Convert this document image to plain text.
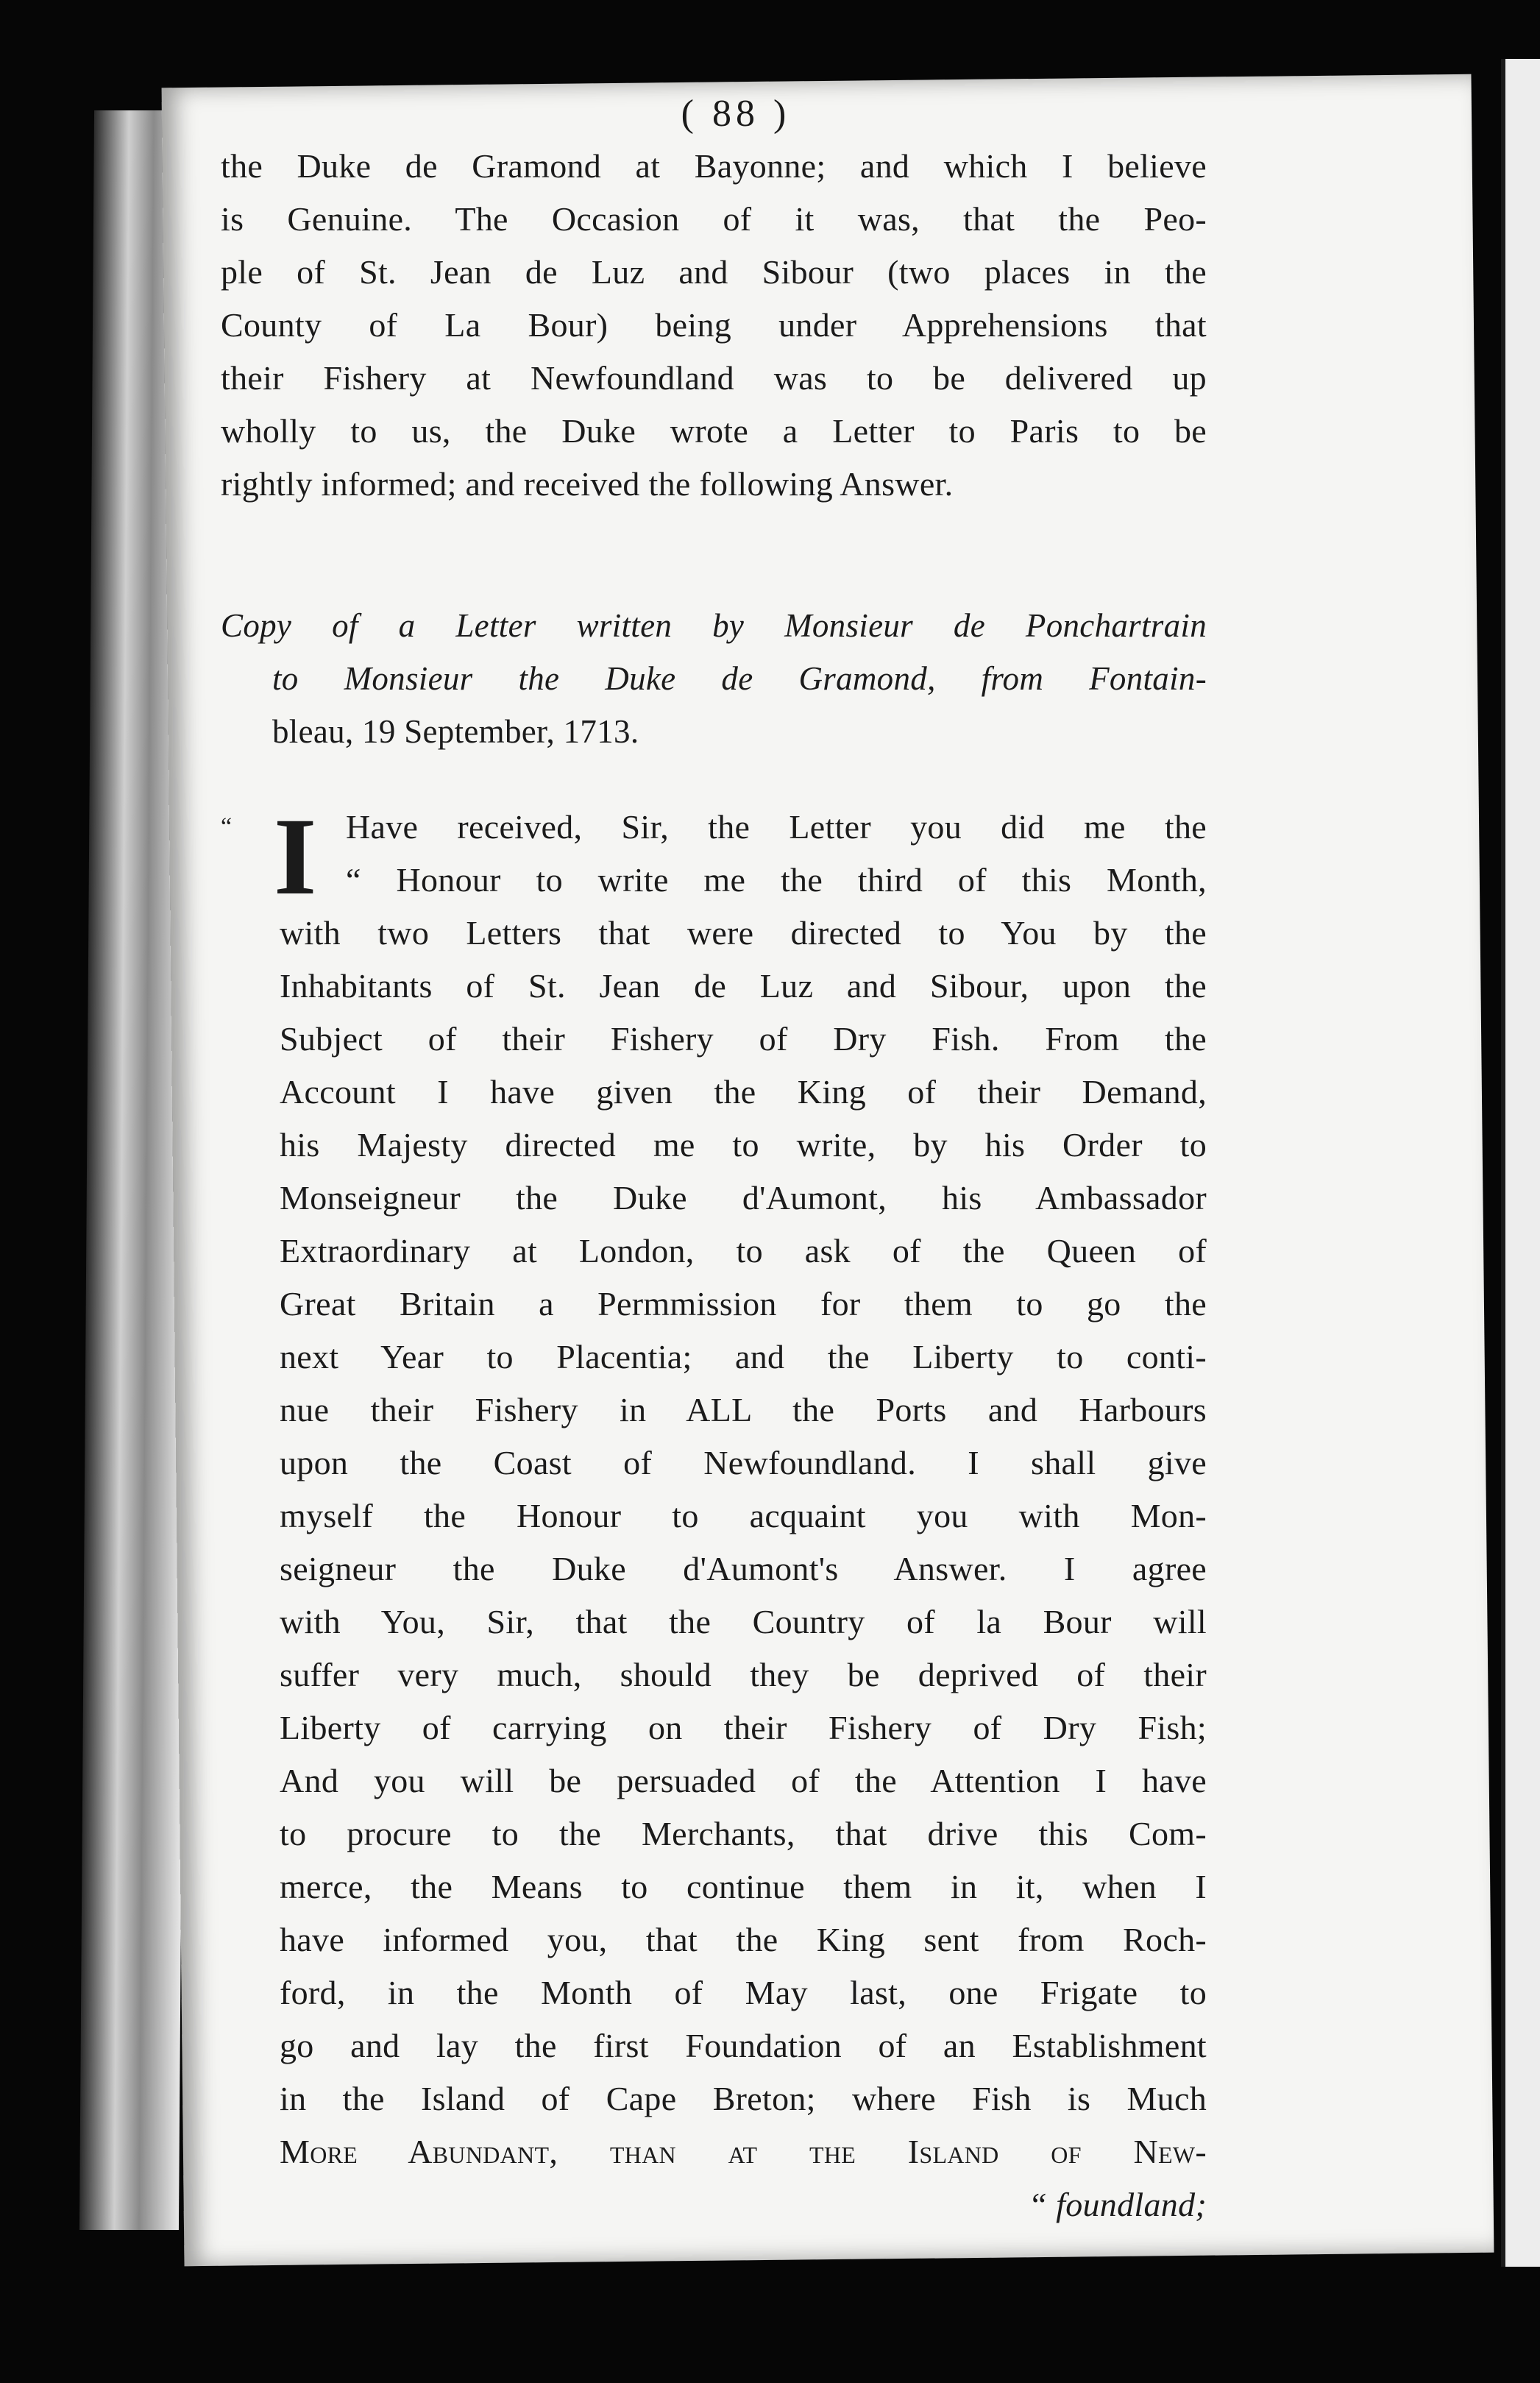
( 88 )
the Duke de Gramond at Bayonne; and which I believe
is Genuine. The Occasion of it was, that the Peo-
ple of St. Jean de Luz and Sibour (two places in the
County of La Bour) being under Apprehensions that
their Fishery at Newfoundland was to be delivered up
wholly to us, the Duke wrote a Letter to Paris to be
rightly informed; and received the following Answer.
Copy of a Letter written by Monsieur de Ponchartrain
to Monsieur the Duke de Gramond, from Fontain-
bleau, 19 September, 1713.
I
“	Have received, Sir, the Letter you did me the
“ Honour to write me the third of this Month,
with two Letters that were directed to You by the
Inhabitants of St. Jean de Luz and Sibour, upon the
Subject of their Fishery of Dry Fish. From the
Account I have given the King of their Demand,
his Majesty directed me to write, by his Order to
Monseigneur the Duke d'Aumont, his Ambassador
Extraordinary at London, to ask of the Queen of
Great Britain a Permmission for them to go the
next Year to Placentia; and the Liberty to conti-
nue their Fishery in ALL the Ports and Harbours
upon the Coast of Newfoundland. I shall give
myself the Honour to acquaint you with Mon-
seigneur the Duke d'Aumont's Answer. I agree
with You, Sir, that the Country of la Bour will
suffer very much, should they be deprived of their
Liberty of carrying on their Fishery of Dry Fish;
And you will be persuaded of the Attention I have
to procure to the Merchants, that drive this Com-
merce, the Means to continue them in it, when I
have informed you, that the King sent from Roch-
ford, in the Month of May last, one Frigate to
go and lay the first Foundation of an Establishment
in the Island of Cape Breton; where Fish is Much
More Abundant, than at the Island of New-
“ foundland;
